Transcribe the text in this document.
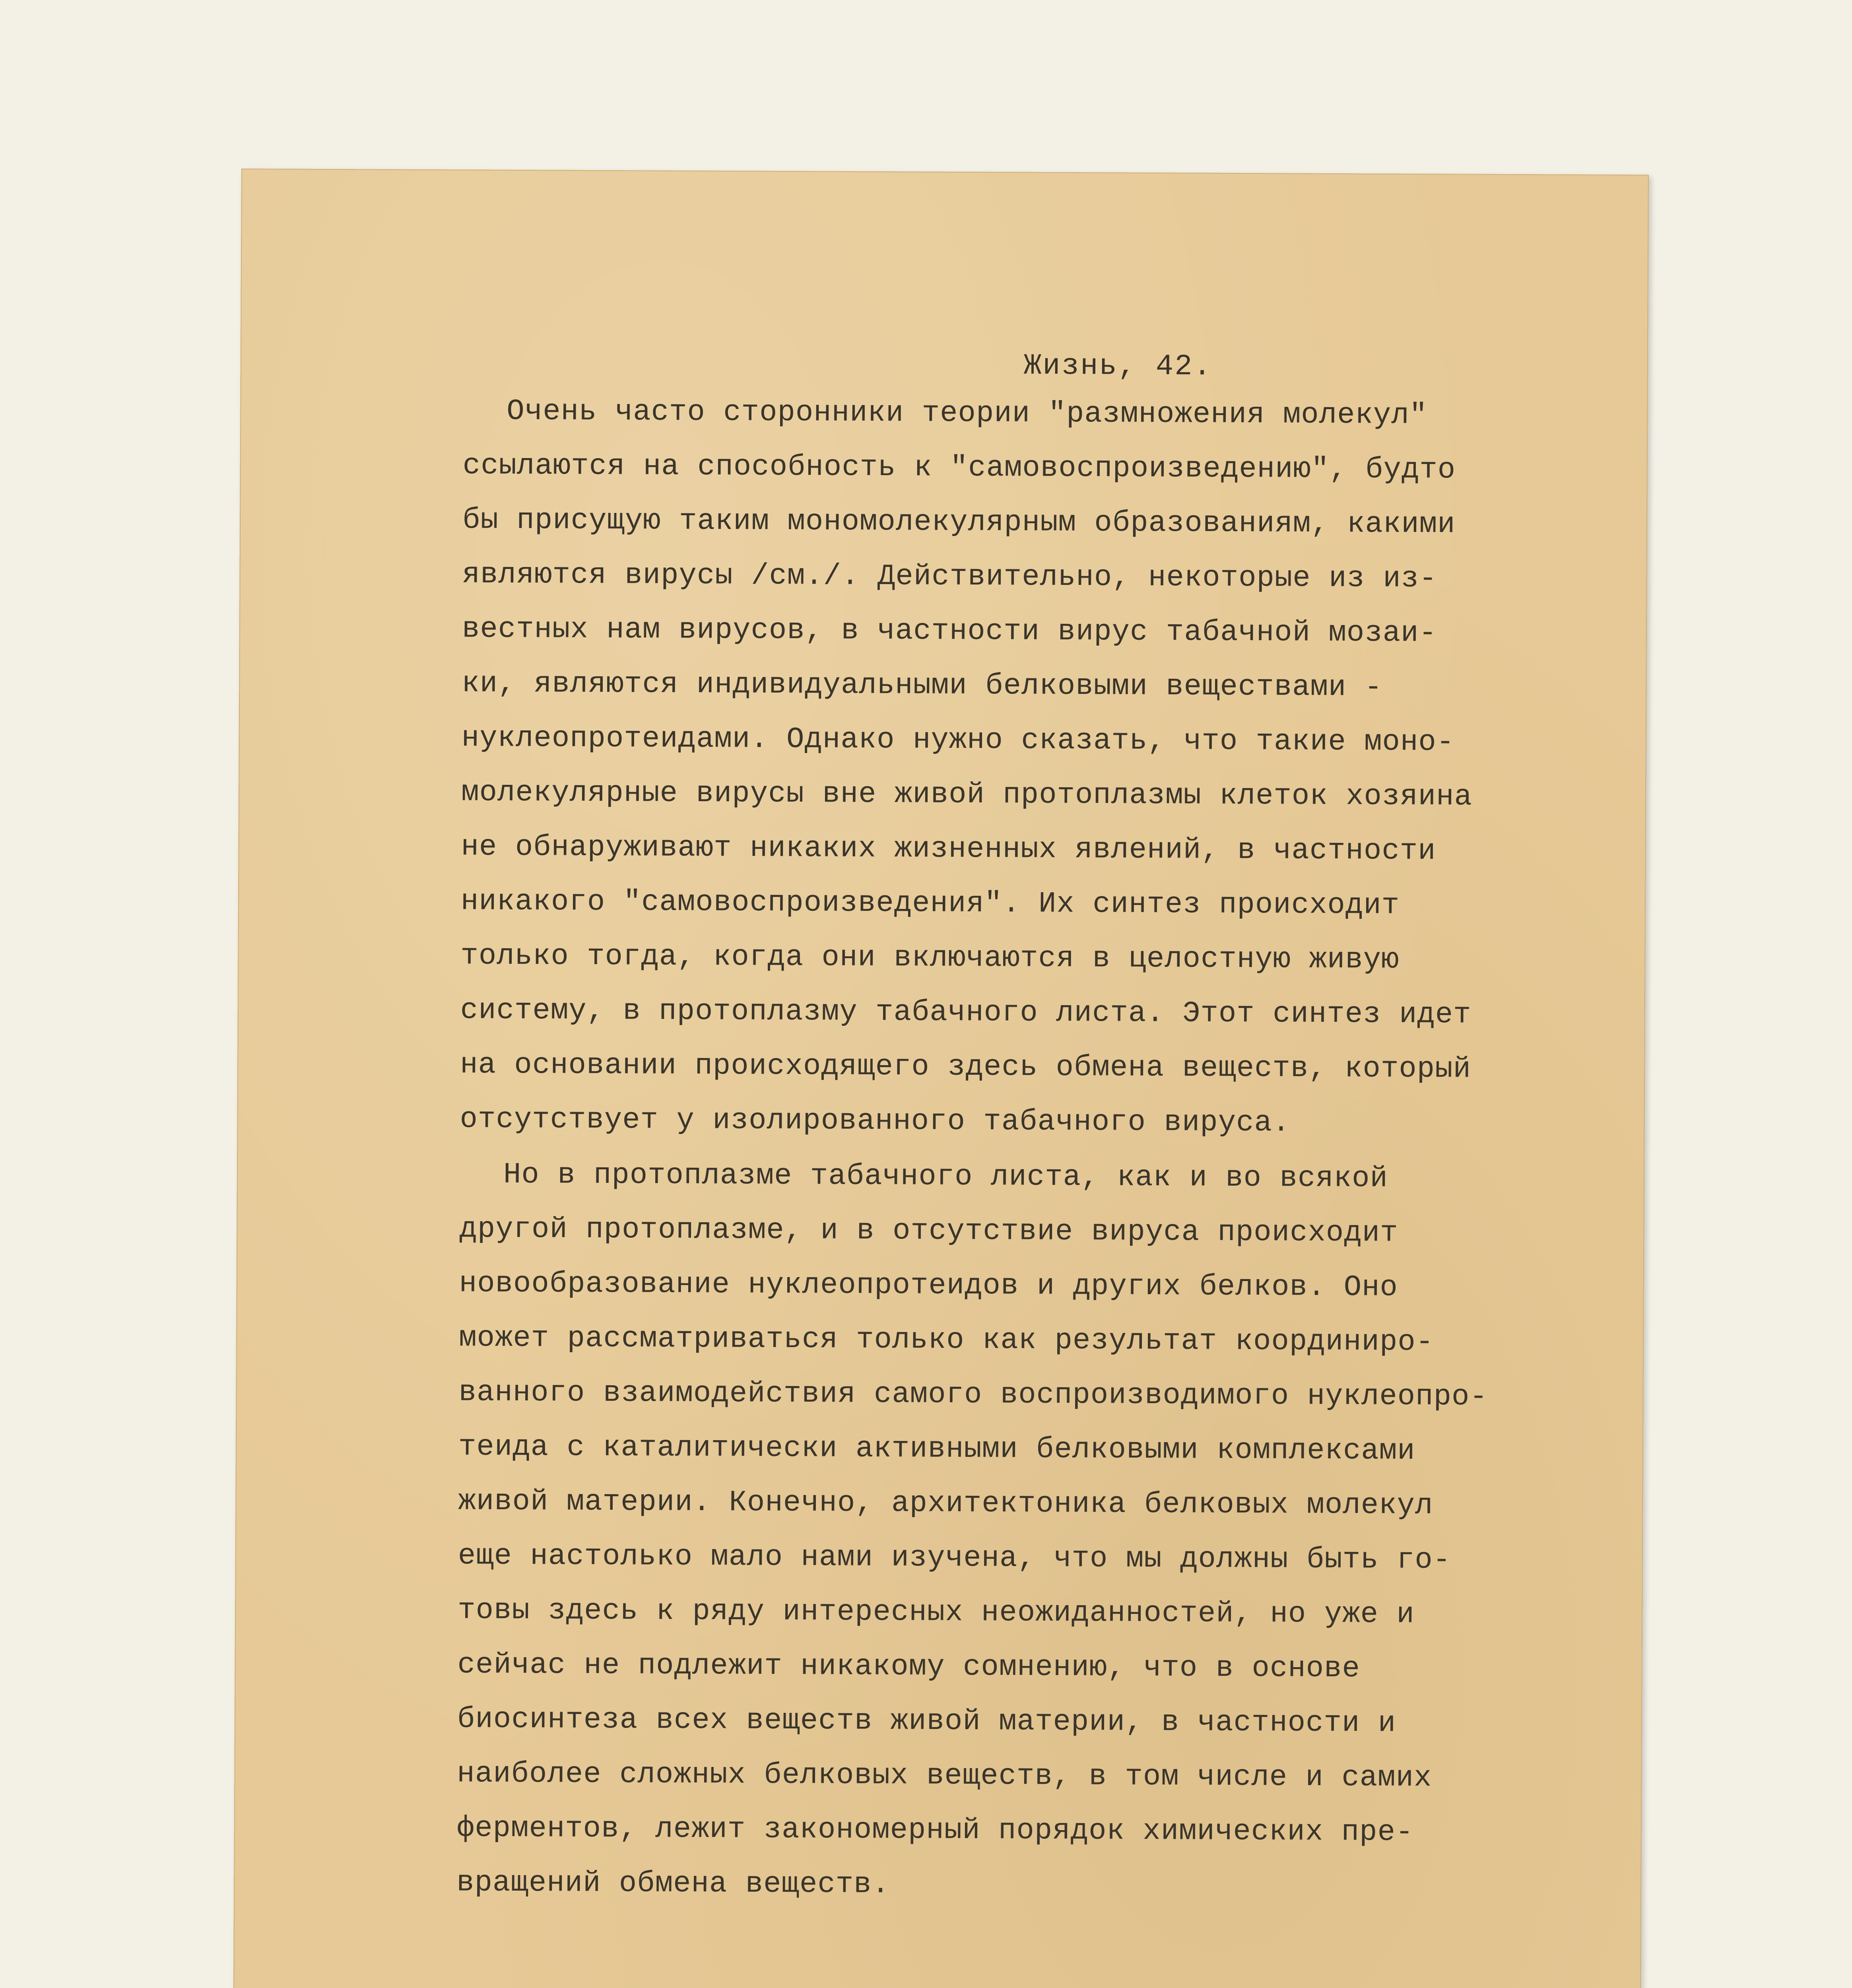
Жизнь, 42.
Очень часто сторонники теории "размножения молекул"
ссылаются на способность к "самовоспроизведению", будто
бы присущую таким мономолекулярным образованиям, какими
являются вирусы /см./. Действительно, некоторые из из-
вестных нам вирусов, в частности вирус табачной мозаи-
ки, являются индивидуальными белковыми веществами -
нуклеопротеидами. Однако нужно сказать, что такие моно-
молекулярные вирусы вне живой протоплазмы клеток хозяина
не обнаруживают никаких жизненных явлений, в частности
никакого "самовоспроизведения". Их синтез происходит
только тогда, когда они включаются в целостную живую
систему, в протоплазму табачного листа. Этот синтез идет
на основании происходящего здесь обмена веществ, который
отсутствует у изолированного табачного вируса.
Но в протоплазме табачного листа, как и во всякой
другой протоплазме, и в отсутствие вируса происходит
новообразование нуклеопротеидов и других белков. Оно
может рассматриваться только как результат координиро-
ванного взаимодействия самого воспроизводимого нуклеопро-
теида с каталитически активными белковыми комплексами
живой материи. Конечно, архитектоника белковых молекул
еще настолько мало нами изучена, что мы должны быть го-
товы здесь к ряду интересных неожиданностей, но уже и
сейчас не подлежит никакому сомнению, что в основе
биосинтеза всех веществ живой материи, в частности и
наиболее сложных белковых веществ, в том числе и самих
ферментов, лежит закономерный порядок химических пре-
вращений обмена веществ.
